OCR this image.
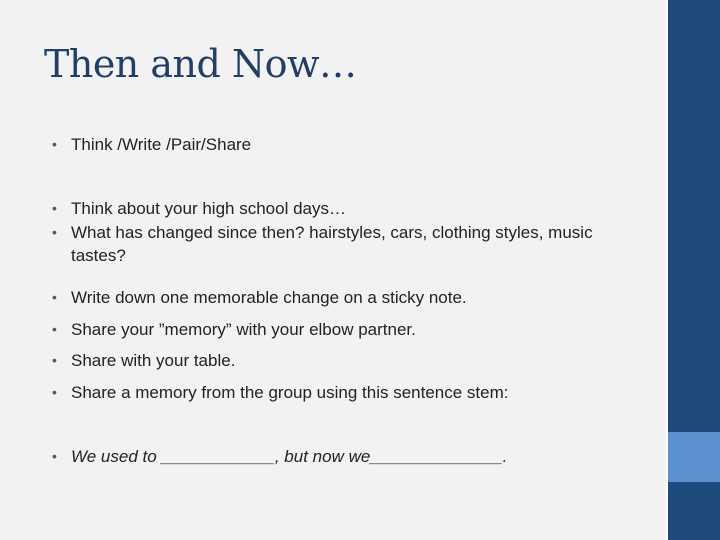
Then and Now…
• Think /Write /Pair/Share
• Think about your high school days…
• What has changed since then? hairstyles, cars, clothing styles, music tastes?
• Write down one memorable change on a sticky note.
• Share your ”memory” with your elbow partner.
• Share with your table.
• Share a memory from the group using this sentence stem:
• We used to ____________, but now we______________.
